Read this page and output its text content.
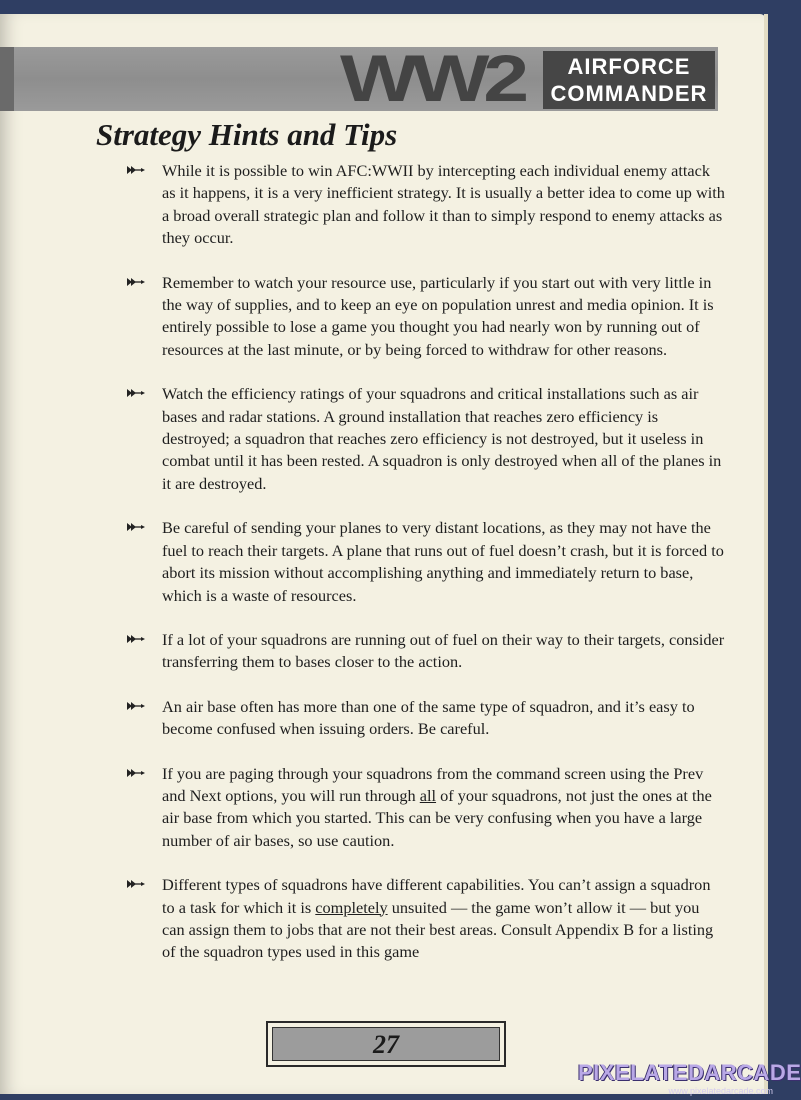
WW2	AIRFORCE
COMMANDER
Strategy Hints and Tips
While it is possible to win AFC:WWII by intercepting each individual enemy attack as it happens, it is a very inefficient strategy. It is usually a better idea to come up with a broad overall strategic plan and follow it than to simply respond to enemy attacks as they occur.
Remember to watch your resource use, particularly if you start out with very little in the way of supplies, and to keep an eye on population unrest and media opinion. It is entirely possible to lose a game you thought you had nearly won by running out of resources at the last minute, or by being forced to withdraw for other reasons.
Watch the efficiency ratings of your squadrons and critical installations such as air bases and radar stations. A ground installation that reaches zero efficiency is destroyed; a squadron that reaches zero efficiency is not destroyed, but it useless in combat until it has been rested. A squadron is only destroyed when all of the planes in it are destroyed.
Be careful of sending your planes to very distant locations, as they may not have the fuel to reach their targets. A plane that runs out of fuel doesn’t crash, but it is forced to abort its mission without accomplishing anything and immediately return to base, which is a waste of resources.
If a lot of your squadrons are running out of fuel on their way to their targets, consider transferring them to bases closer to the action.
An air base often has more than one of the same type of squadron, and it’s easy to become confused when issuing orders. Be careful.
If you are paging through your squadrons from the command screen using the Prev and Next options, you will run through all of your squadrons, not just the ones at the air base from which you started. This can be very confusing when you have a large number of air bases, so use caution.
Different types of squadrons have different capabilities. You can’t assign a squadron to a task for which it is completely unsuited — the game won’t allow it — but you can assign them to jobs that are not their best areas. Consult Appendix B for a listing of the squadron types used in this game
27
PIXELATEDARCADE
www.pixelatedarcade.com
